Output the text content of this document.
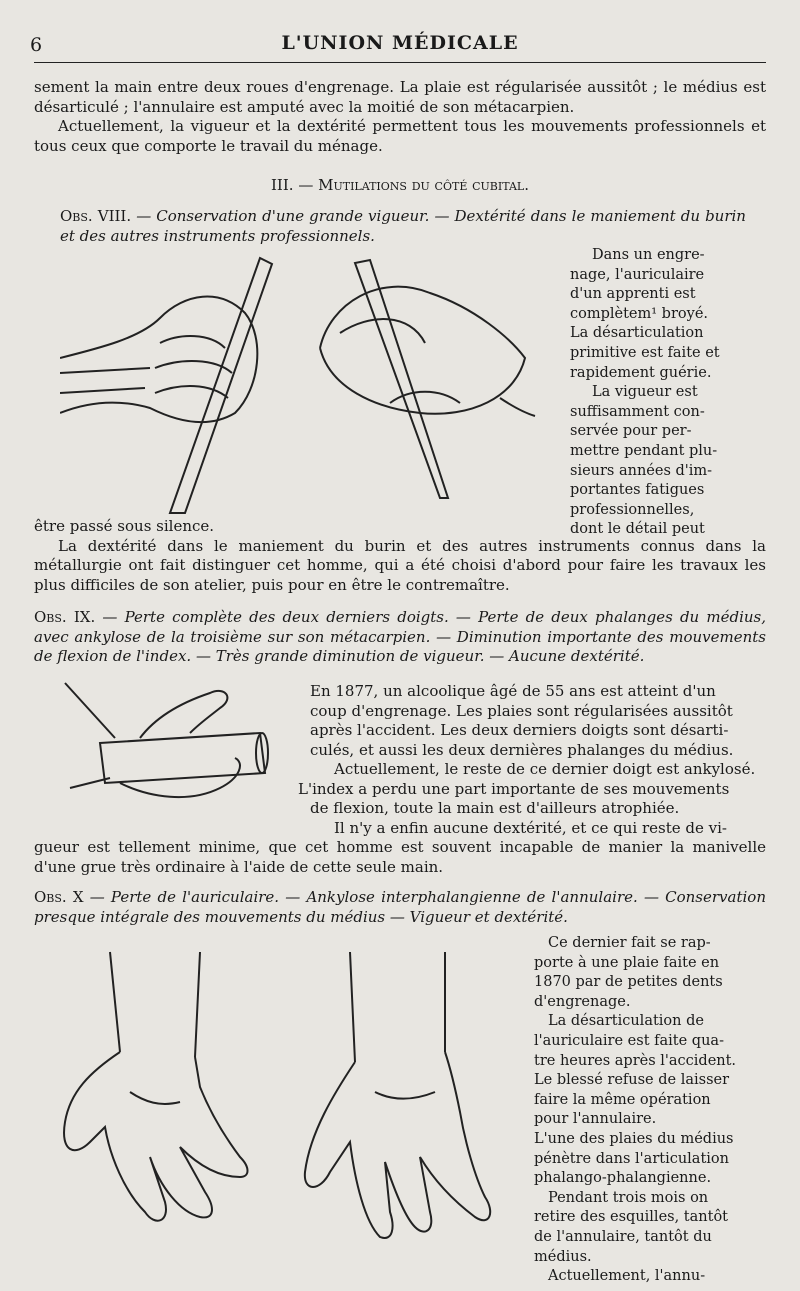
6	L'UNION MÉDICALE
sement la main entre deux roues d'engrenage. La plaie est régularisée aussitôt ; le médius est désarticulé ; l'annulaire est amputé avec la moitié de son métacarpien.
Actuellement, la vigueur et la dextérité permettent tous les mouvements professionnels et tous ceux que comporte le travail du ménage.
III. — Mutilations du côté cubital.
Obs. VIII. — Conservation d'une grande vigueur. — Dextérité dans le maniement du burin et des autres instruments professionnels.
Dans un engre-
nage, l'auriculaire
d'un apprenti est
complètem¹ broyé.
La désarticulation
primitive est faite et
rapidement guérie.
La vigueur est
suffisamment con-
servée pour per-
mettre pendant plu-
sieurs années d'im-
portantes fatigues
professionnelles,
dont le détail peut
être passé sous silence.
La dextérité dans le maniement du burin et des autres instruments connus dans la métallurgie ont fait distinguer cet homme, qui a été choisi d'abord pour faire les travaux les plus difficiles de son atelier, puis pour en être le contremaître.
Obs. IX. — Perte complète des deux derniers doigts. — Perte de deux phalanges du médius, avec ankylose de la troisième sur son métacarpien. — Diminution importante des mouvements de flexion de l'index. — Très grande diminution de vigueur. — Aucune dextérité.
En 1877, un alcoolique âgé de 55 ans est atteint d'un
coup d'engrenage. Les plaies sont régularisées aussitôt
après l'accident. Les deux derniers doigts sont désarti-
culés, et aussi les deux dernières phalanges du médius.
Actuellement, le reste de ce dernier doigt est ankylosé.
L'index a perdu une part importante de ses mouvements
de flexion, toute la main est d'ailleurs atrophiée.
Il n'y a enfin aucune dextérité, et ce qui reste de vi-
gueur est tellement minime, que cet homme est souvent incapable de manier la manivelle d'une grue très ordinaire à l'aide de cette seule main.
Obs. X — Perte de l'auriculaire. — Ankylose interphalangienne de l'annulaire. — Conservation presque intégrale des mouvements du médius — Vigueur et dextérité.
Ce dernier fait se rap-
porte à une plaie faite en
1870 par de petites dents
d'engrenage.
La désarticulation de
l'auriculaire est faite qua-
tre heures après l'accident.
Le blessé refuse de laisser
faire la même opération
pour l'annulaire.
L'une des plaies du médius
pénètre dans l'articulation
phalango-phalangienne.
Pendant trois mois on
retire des esquilles, tantôt
de l'annulaire, tantôt du
médius.
Actuellement, l'annu-
